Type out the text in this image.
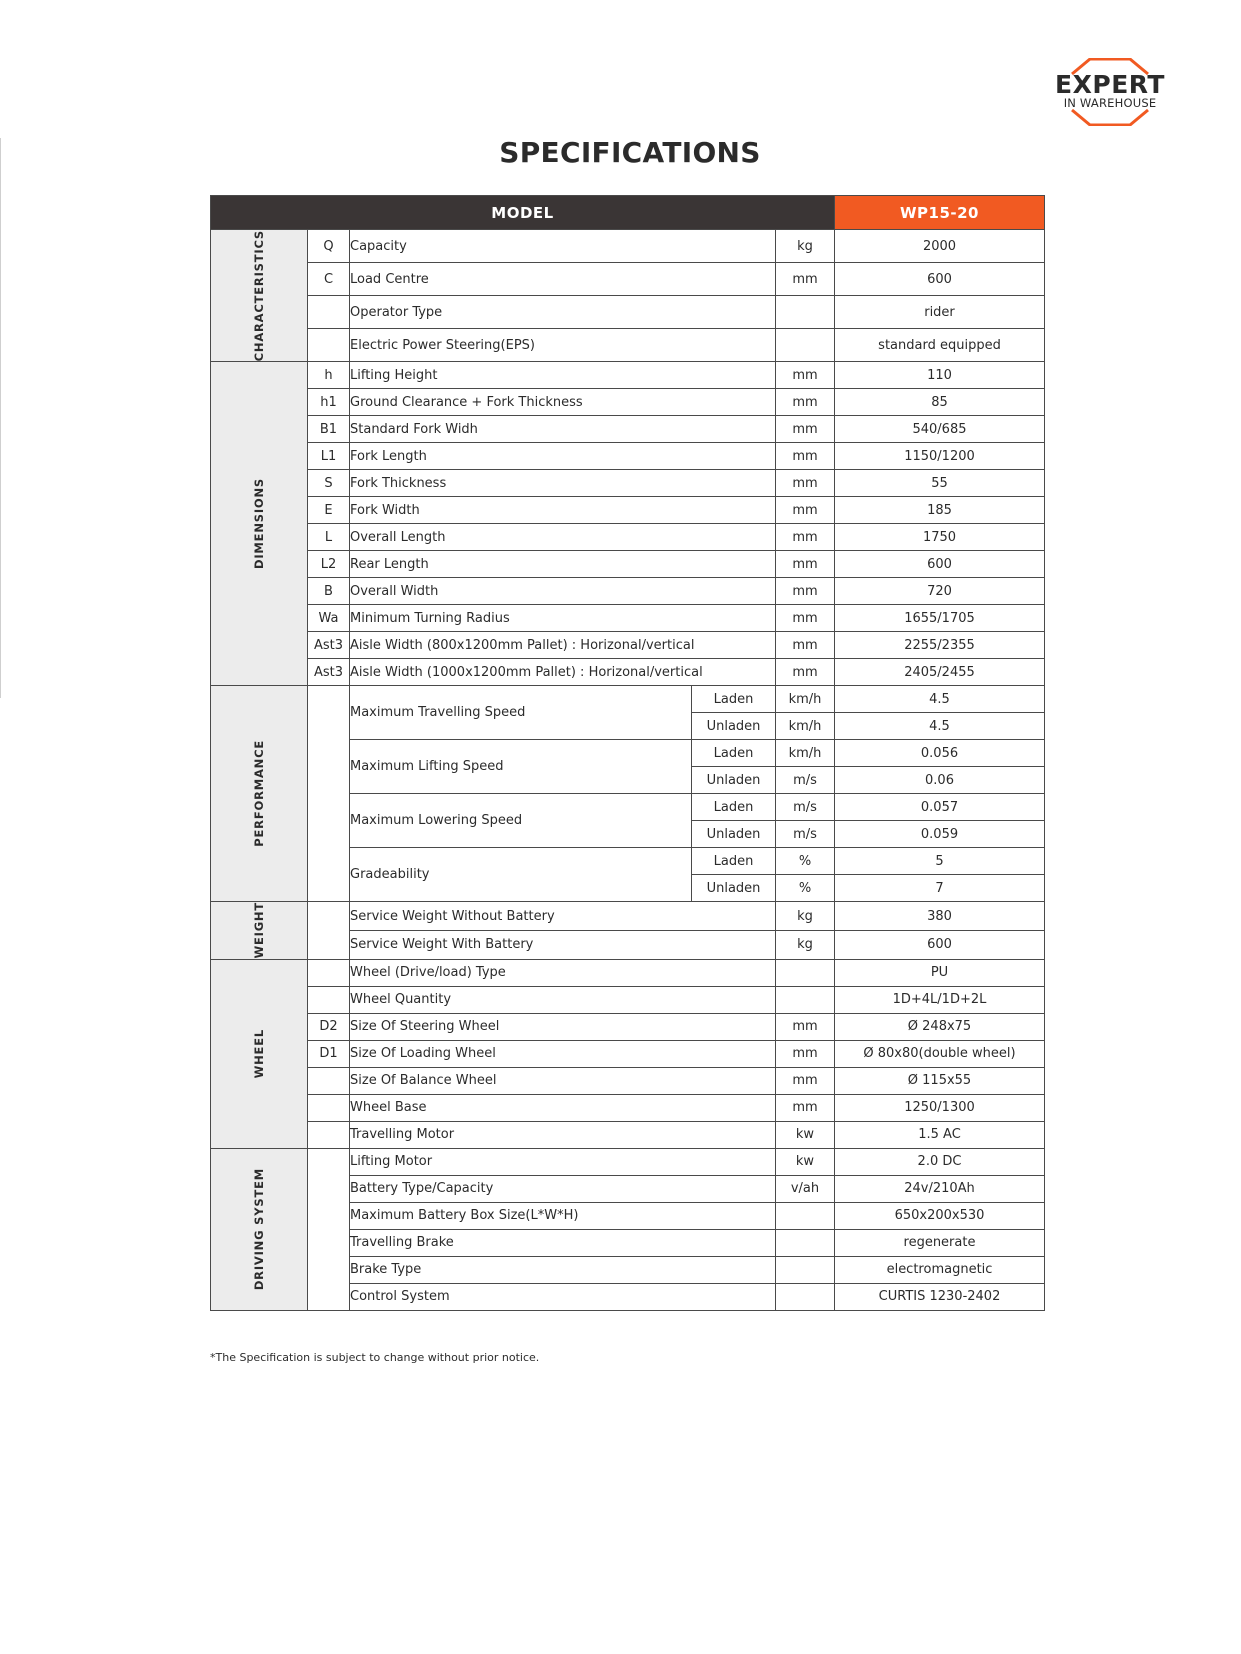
EXPERT
IN WAREHOUSE
SPECIFICATIONS
MODEL					WP15-20

CHARACTERISTICS	Q	Capacity		kg	2000
	C	Load Centre		mm	600
		Operator Type			rider
		Electric Power Steering(EPS)			standard equipped

DIMENSIONS	h	Lifting Height		mm	110
	h1	Ground Clearance + Fork Thickness		mm	85
	B1	Standard Fork Widh		mm	540/685
	L1	Fork Length		mm	1150/1200
	S	Fork Thickness		mm	55
	E	Fork Width		mm	185
	L	Overall Length		mm	1750
	L2	Rear Length		mm	600
	B	Overall Width		mm	720
	Wa	Minimum Turning Radius		mm	1655/1705
	Ast3	Aisle Width (800x1200mm Pallet) : Horizonal/vertical		mm	2255/2355
	Ast3	Aisle Width (1000x1200mm Pallet) : Horizonal/vertical		mm	2405/2455

PERFORMANCE		Maximum Travelling Speed	Laden	km/h	4.5
			Unladen	km/h	4.5
		Maximum Lifting Speed	Laden	km/h	0.056
			Unladen	m/s	0.06
		Maximum Lowering Speed	Laden	m/s	0.057
			Unladen	m/s	0.059
		Gradeability	Laden	%	5
			Unladen	%	7

WEIGHT		Service Weight Without Battery		kg	380
		Service Weight With Battery		kg	600

WHEEL		Wheel (Drive/load) Type			PU
		Wheel Quantity			1D+4L/1D+2L
	D2	Size Of Steering Wheel		mm	Ø 248x75
	D1	Size Of Loading Wheel		mm	Ø 80x80(double wheel)
		Size Of Balance Wheel		mm	Ø 115x55
		Wheel Base		mm	1250/1300
		Travelling Motor		kw	1.5 AC

DRIVING SYSTEM		Lifting Motor		kw	2.0 DC
		Battery Type/Capacity		v/ah	24v/210Ah
		Maximum Battery Box Size(L*W*H)			650x200x530
		Travelling Brake			regenerate
		Brake Type			electromagnetic
		Control System			CURTIS 1230-2402
*The Specification is subject to change without prior notice.
